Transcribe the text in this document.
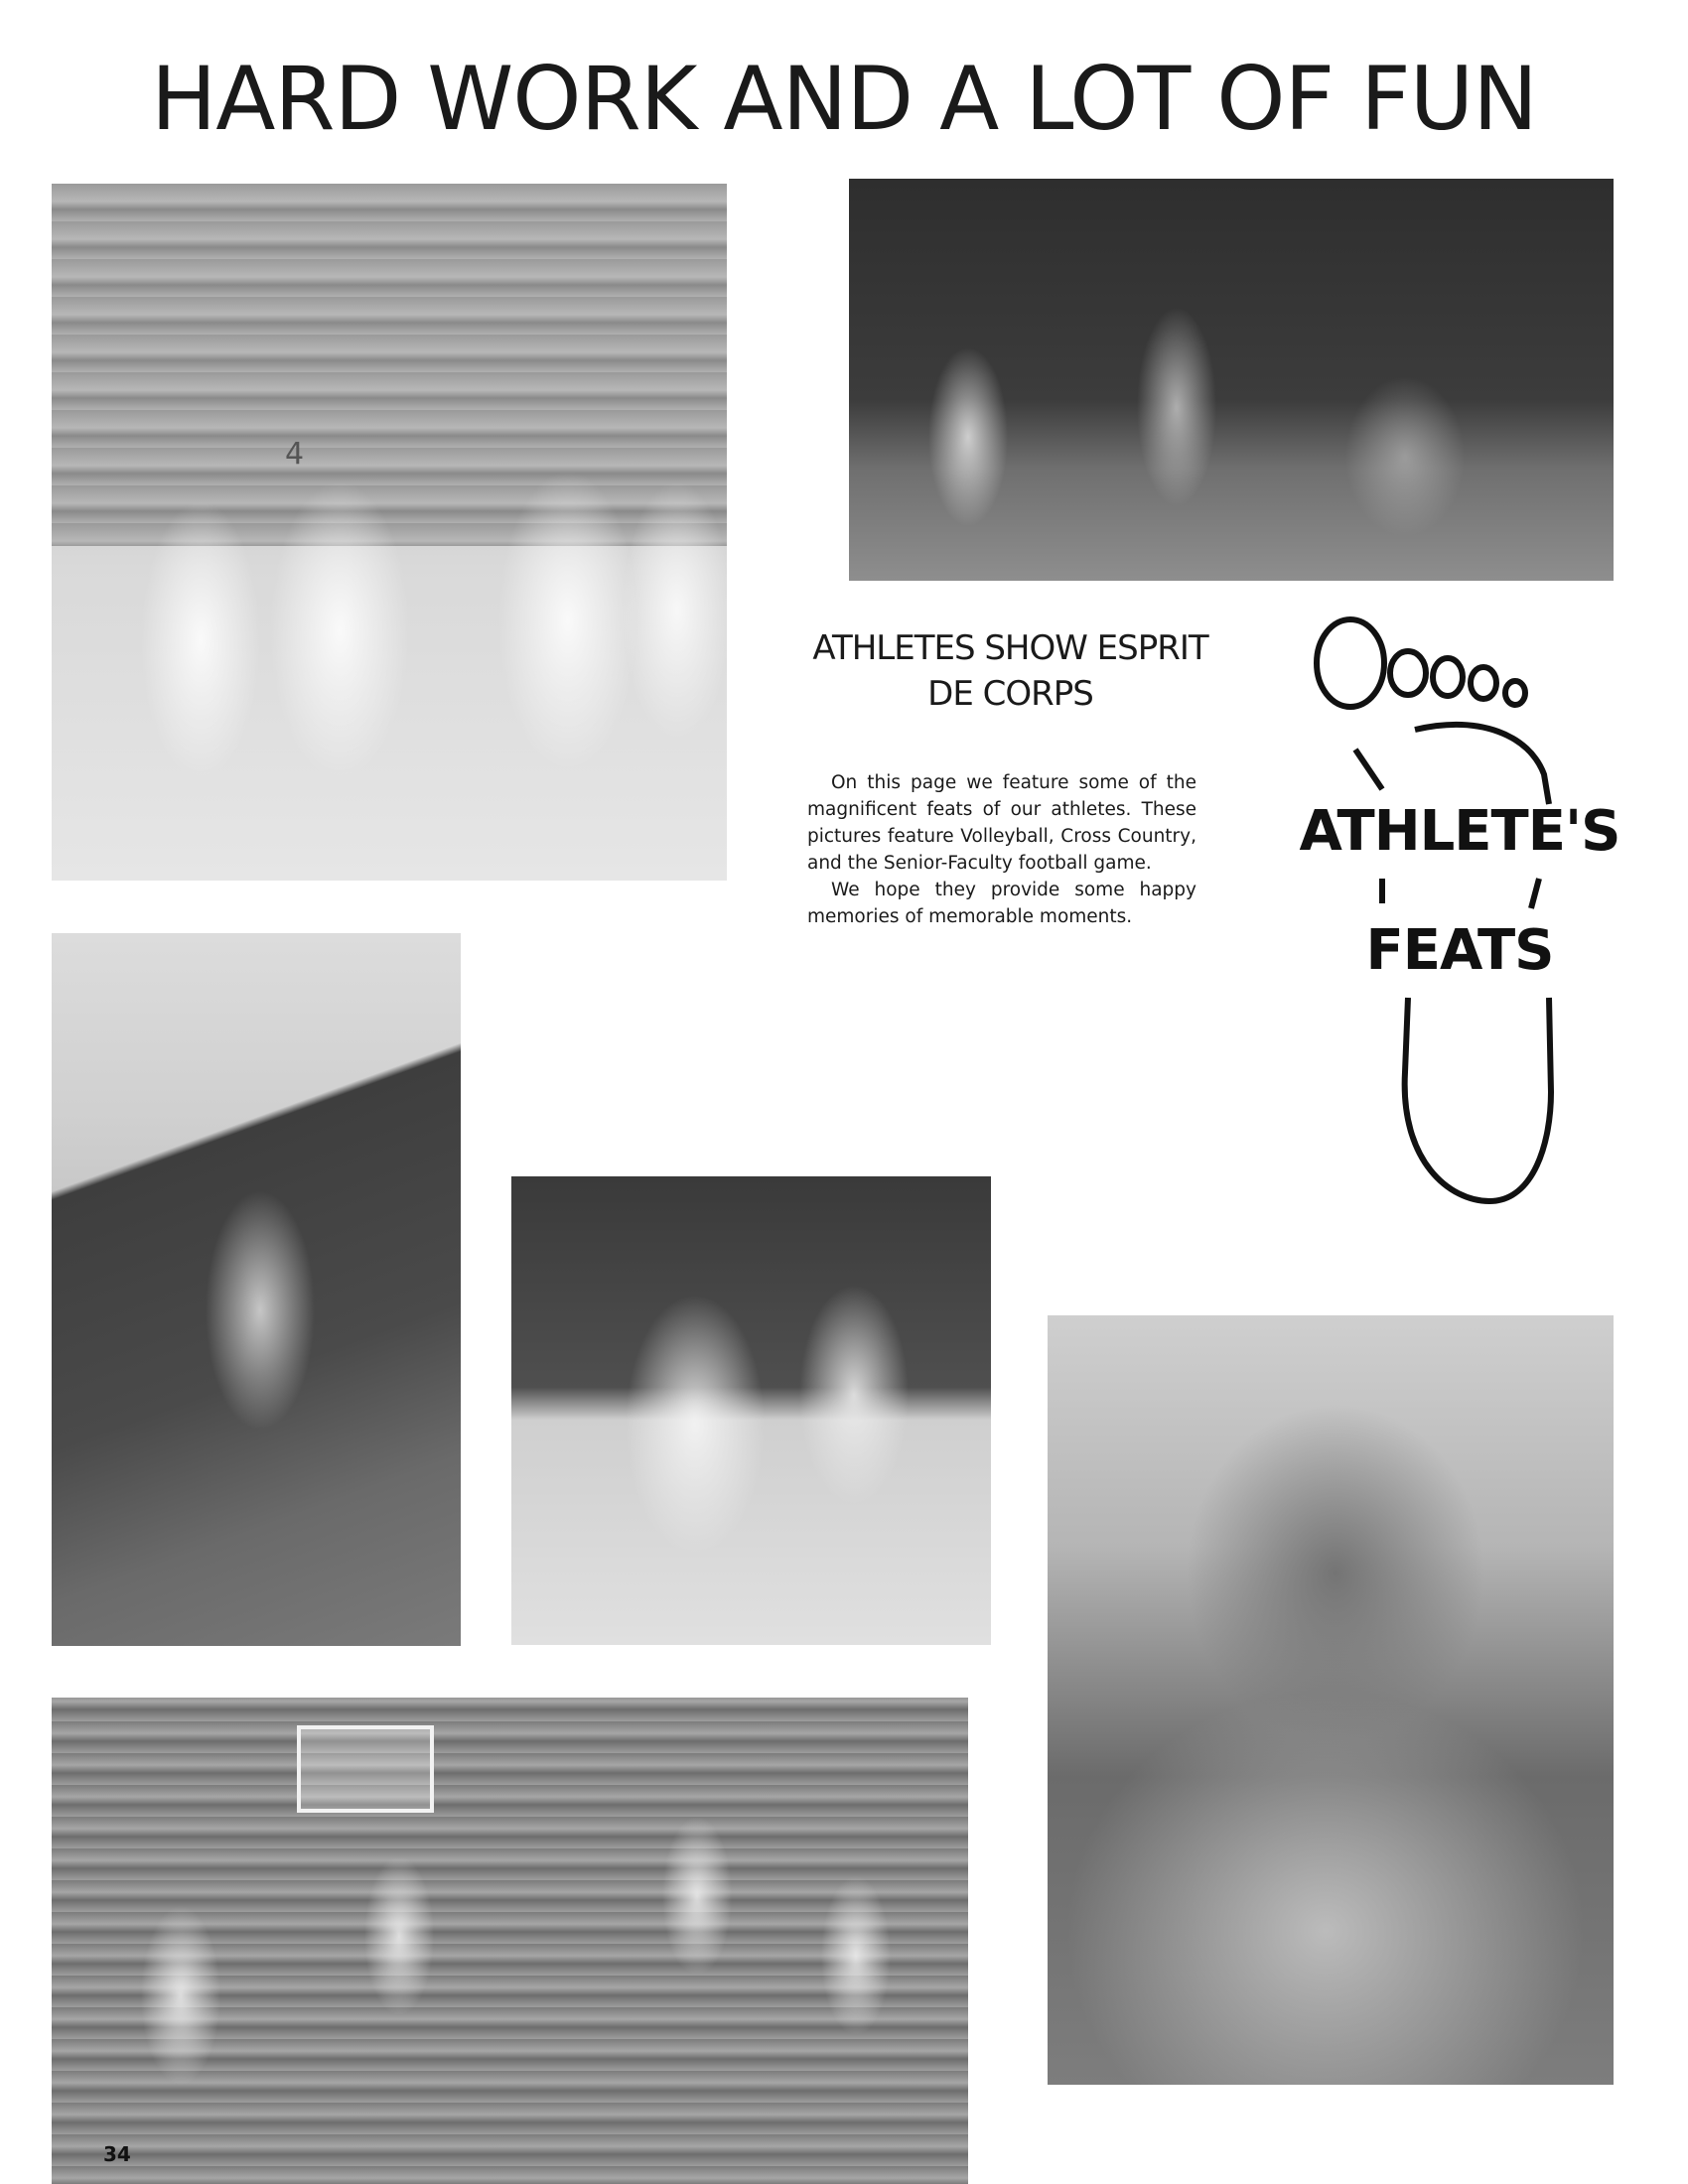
HARD WORK AND A LOT OF FUN
4
ATHLETES SHOW ESPRIT DE CORPS

On this page we feature some of the magnificent feats of our athletes. These pictures feature Volleyball, Cross Country, and the Senior-Faculty football game.

We hope they provide some happy memories of memorable moments.

ATHLETE'S

FEATS

34
